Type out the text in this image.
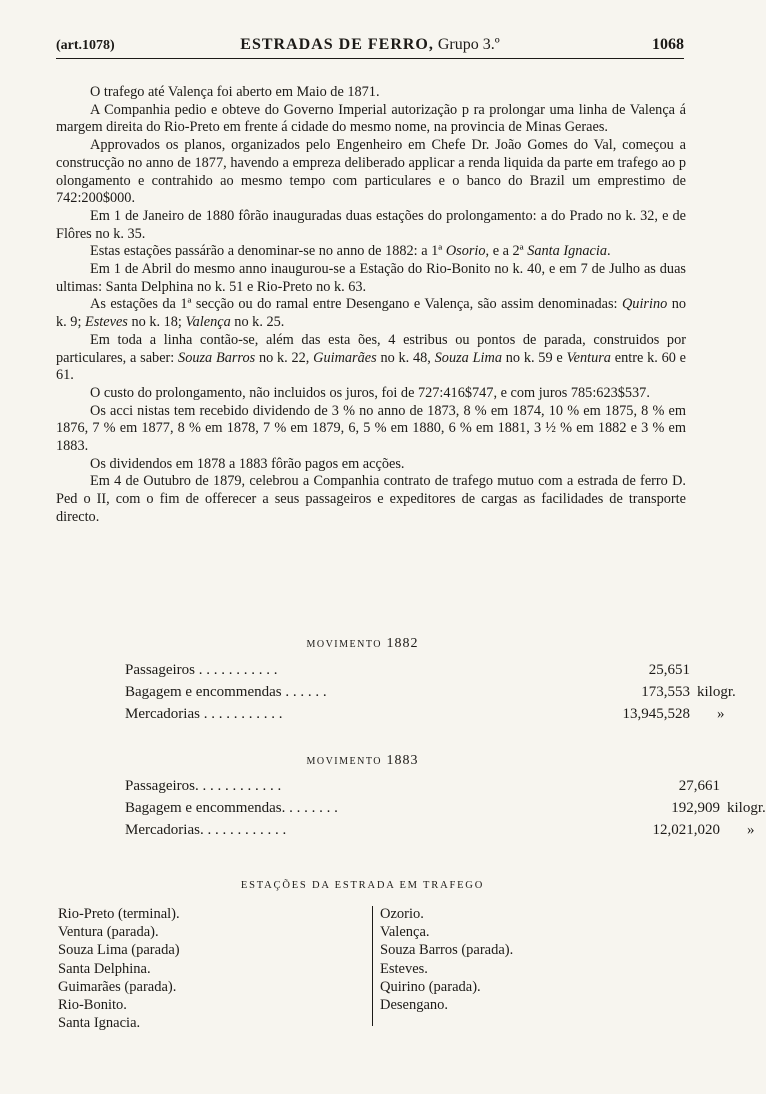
(art.1078)	ESTRADAS DE FERRO, Grupo 3.º	1068

O trafego até Valença foi aberto em Maio de 1871.

A Companhia pedio e obteve do Governo Imperial autorização p ra prolongar uma linha de Valença á margem direita do Rio-Preto em frente á cidade do mesmo nome, na provincia de Minas Geraes.

Approvados os planos, organizados pelo Engenheiro em Chefe Dr. João Gomes do Val, começou a construcção no anno de 1877, havendo a empreza deliberado applicar a renda liquida da parte em trafego ao p olongamento e contrahido ao mesmo tempo com particulares e o banco do Brazil um emprestimo de 742:200$000.

Em 1 de Janeiro de 1880 fôrão inauguradas duas estações do prolongamento: a do Prado no k. 32, e de Flôres no k. 35.

Estas estações passárão a denominar-se no anno de 1882: a 1ª Osorio, e a 2ª Santa Ignacia.

Em 1 de Abril do mesmo anno inaugurou-se a Estação do Rio-Bonito no k. 40, e em 7 de Julho as duas ultimas: Santa Delphina no k. 51 e Rio-Preto no k. 63.

As estações da 1ª secção ou do ramal entre Desengano e Valença, são assim denominadas: Quirino no k. 9; Esteves no k. 18; Valença no k. 25.

Em toda a linha contão-se, além das esta ões, 4 estribus ou pontos de parada, construidos por particulares, a saber: Souza Barros no k. 22, Guimarães no k. 48, Souza Lima no k. 59 e Ventura entre k. 60 e 61.

O custo do prolongamento, não incluidos os juros, foi de 727:416$747, e com juros 785:623$537.

Os acci nistas tem recebido dividendo de 3 % no anno de 1873, 8 % em 1874, 10 % em 1875, 8 % em 1876, 7 % em 1877, 8 % em 1878, 7 % em 1879, 6, 5 % em 1880, 6 % em 1881, 3 ½ % em 1882 e 3 % em 1883.

Os dividendos em 1878 a 1883 fôrão pagos em acções.

Em 4 de Outubro de 1879, celebrou a Companhia contrato de trafego mutuo com a estrada de ferro D. Ped o II, com o fim de offerecer a seus passageiros e expeditores de cargas as facilidades de transporte directo.

MOVIMENTO 1882
Passageiros . . . . . . . . . . .	25,651
Bagagem e encommendas . . . . . .	173,553 kilogr.
Mercadorias . . . . . . . . . . .	13,945,528 »
MOVIMENTO 1883
Passageiros. . . . . . . . . . . .	27,661
Bagagem e encommendas. . . . . . . .	192,909 kilogr.
Mercadorias. . . . . . . . . . . .	12,021,020 »
ESTAÇÕES DA ESTRADA EM TRAFEGO
Rio-Preto (terminal).
Ventura (parada).
Souza Lima (parada)
Santa Delphina.
Guimarães (parada).
Rio-Bonito.
Santa Ignacia.
Ozorio.
Valença.
Souza Barros (parada).
Esteves.
Quirino (parada).
Desengano.
